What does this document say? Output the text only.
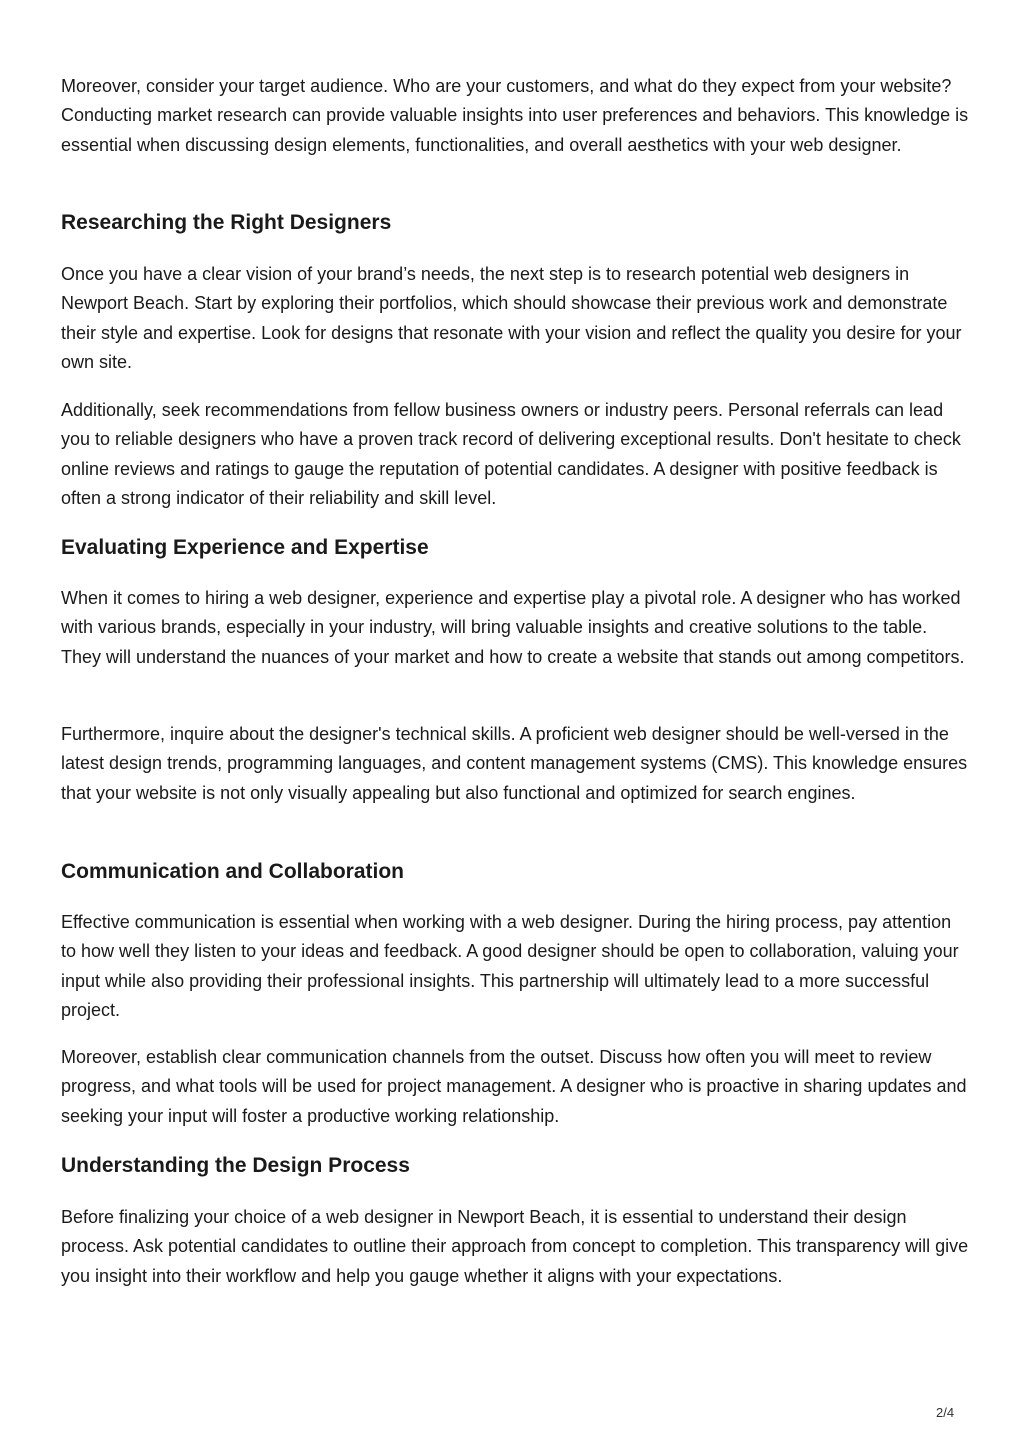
Moreover, consider your target audience. Who are your customers, and what do they expect from your website? Conducting market research can provide valuable insights into user preferences and behaviors. This knowledge is essential when discussing design elements, functionalities, and overall aesthetics with your web designer.

Researching the Right Designers

Once you have a clear vision of your brand’s needs, the next step is to research potential web designers in Newport Beach. Start by exploring their portfolios, which should showcase their previous work and demonstrate their style and expertise. Look for designs that resonate with your vision and reflect the quality you desire for your own site.

Additionally, seek recommendations from fellow business owners or industry peers. Personal referrals can lead you to reliable designers who have a proven track record of delivering exceptional results. Don't hesitate to check online reviews and ratings to gauge the reputation of potential candidates. A designer with positive feedback is often a strong indicator of their reliability and skill level.

Evaluating Experience and Expertise

When it comes to hiring a web designer, experience and expertise play a pivotal role. A designer who has worked with various brands, especially in your industry, will bring valuable insights and creative solutions to the table. They will understand the nuances of your market and how to create a website that stands out among competitors.

Furthermore, inquire about the designer's technical skills. A proficient web designer should be well-versed in the latest design trends, programming languages, and content management systems (CMS). This knowledge ensures that your website is not only visually appealing but also functional and optimized for search engines.

Communication and Collaboration

Effective communication is essential when working with a web designer. During the hiring process, pay attention to how well they listen to your ideas and feedback. A good designer should be open to collaboration, valuing your input while also providing their professional insights. This partnership will ultimately lead to a more successful project.

Moreover, establish clear communication channels from the outset. Discuss how often you will meet to review progress, and what tools will be used for project management. A designer who is proactive in sharing updates and seeking your input will foster a productive working relationship.

Understanding the Design Process

Before finalizing your choice of a web designer in Newport Beach, it is essential to understand their design process. Ask potential candidates to outline their approach from concept to completion. This transparency will give you insight into their workflow and help you gauge whether it aligns with your expectations.

2/4
